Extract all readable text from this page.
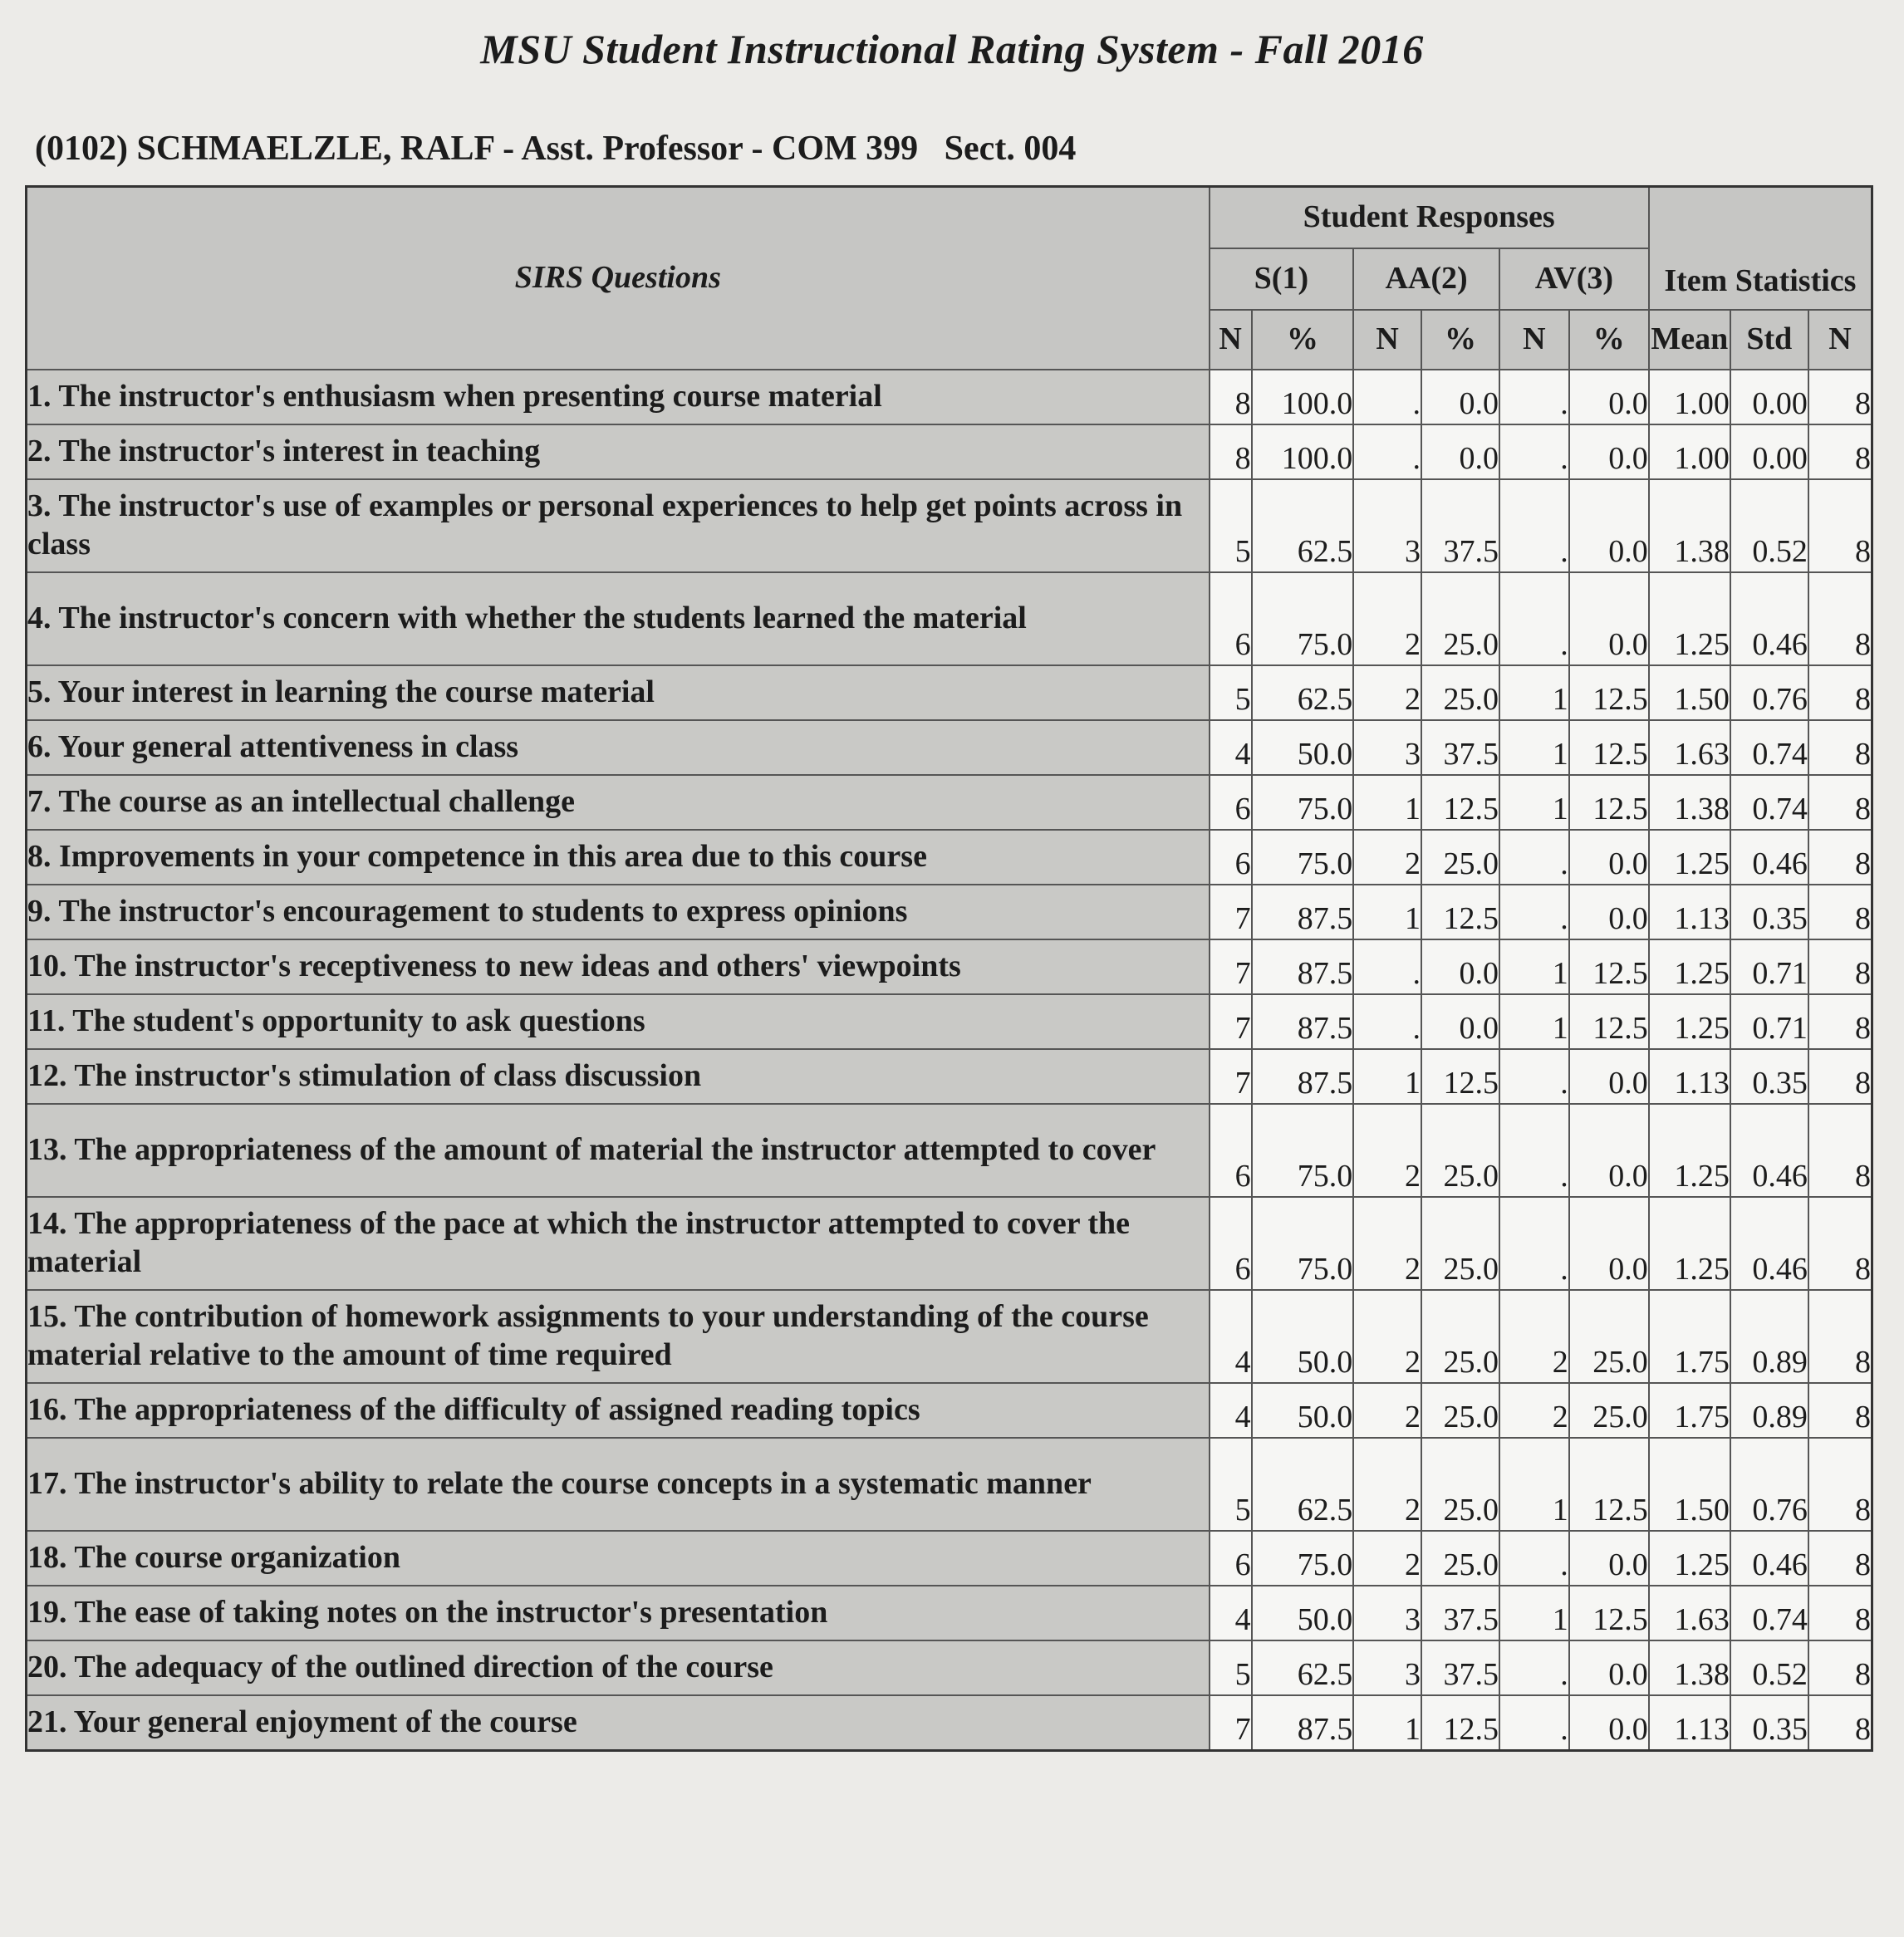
MSU Student Instructional Rating System - Fall 2016
(0102) SCHMAELZLE, RALF - Asst. Professor - COM 399   Sect. 004
SIRS Questions	Student Responses						Item Statistics		
	S(1)		AA(2)		AV(3)				
	N	%	N	%	N	%	Mean	Std	N
1. The instructor's enthusiasm when presenting course material	8	100.0	.	0.0	.	0.0	1.00	0.00	8
2. The instructor's interest in teaching	8	100.0	.	0.0	.	0.0	1.00	0.00	8
3. The instructor's use of examples or personal experiences to help get points across in class	5	62.5	3	37.5	.	0.0	1.38	0.52	8
4. The instructor's concern with whether the students learned the material	6	75.0	2	25.0	.	0.0	1.25	0.46	8
5. Your interest in learning the course material	5	62.5	2	25.0	1	12.5	1.50	0.76	8
6. Your general attentiveness in class	4	50.0	3	37.5	1	12.5	1.63	0.74	8
7. The course as an intellectual challenge	6	75.0	1	12.5	1	12.5	1.38	0.74	8
8. Improvements in your competence in this area due to this course	6	75.0	2	25.0	.	0.0	1.25	0.46	8
9. The instructor's encouragement to students to express opinions	7	87.5	1	12.5	.	0.0	1.13	0.35	8
10. The instructor's receptiveness to new ideas and others' viewpoints	7	87.5	.	0.0	1	12.5	1.25	0.71	8
11. The student's opportunity to ask questions	7	87.5	.	0.0	1	12.5	1.25	0.71	8
12. The instructor's stimulation of class discussion	7	87.5	1	12.5	.	0.0	1.13	0.35	8
13. The appropriateness of the amount of material the instructor attempted to cover	6	75.0	2	25.0	.	0.0	1.25	0.46	8
14. The appropriateness of the pace at which the instructor attempted to cover the material	6	75.0	2	25.0	.	0.0	1.25	0.46	8
15. The contribution of homework assignments to your understanding of the course material relative to the amount of time required	4	50.0	2	25.0	2	25.0	1.75	0.89	8
16. The appropriateness of the difficulty of assigned reading topics	4	50.0	2	25.0	2	25.0	1.75	0.89	8
17. The instructor's ability to relate the course concepts in a systematic manner	5	62.5	2	25.0	1	12.5	1.50	0.76	8
18. The course organization	6	75.0	2	25.0	.	0.0	1.25	0.46	8
19. The ease of taking notes on the instructor's presentation	4	50.0	3	37.5	1	12.5	1.63	0.74	8
20. The adequacy of the outlined direction of the course	5	62.5	3	37.5	.	0.0	1.38	0.52	8
21. Your general enjoyment of the course	7	87.5	1	12.5	.	0.0	1.13	0.35	8
